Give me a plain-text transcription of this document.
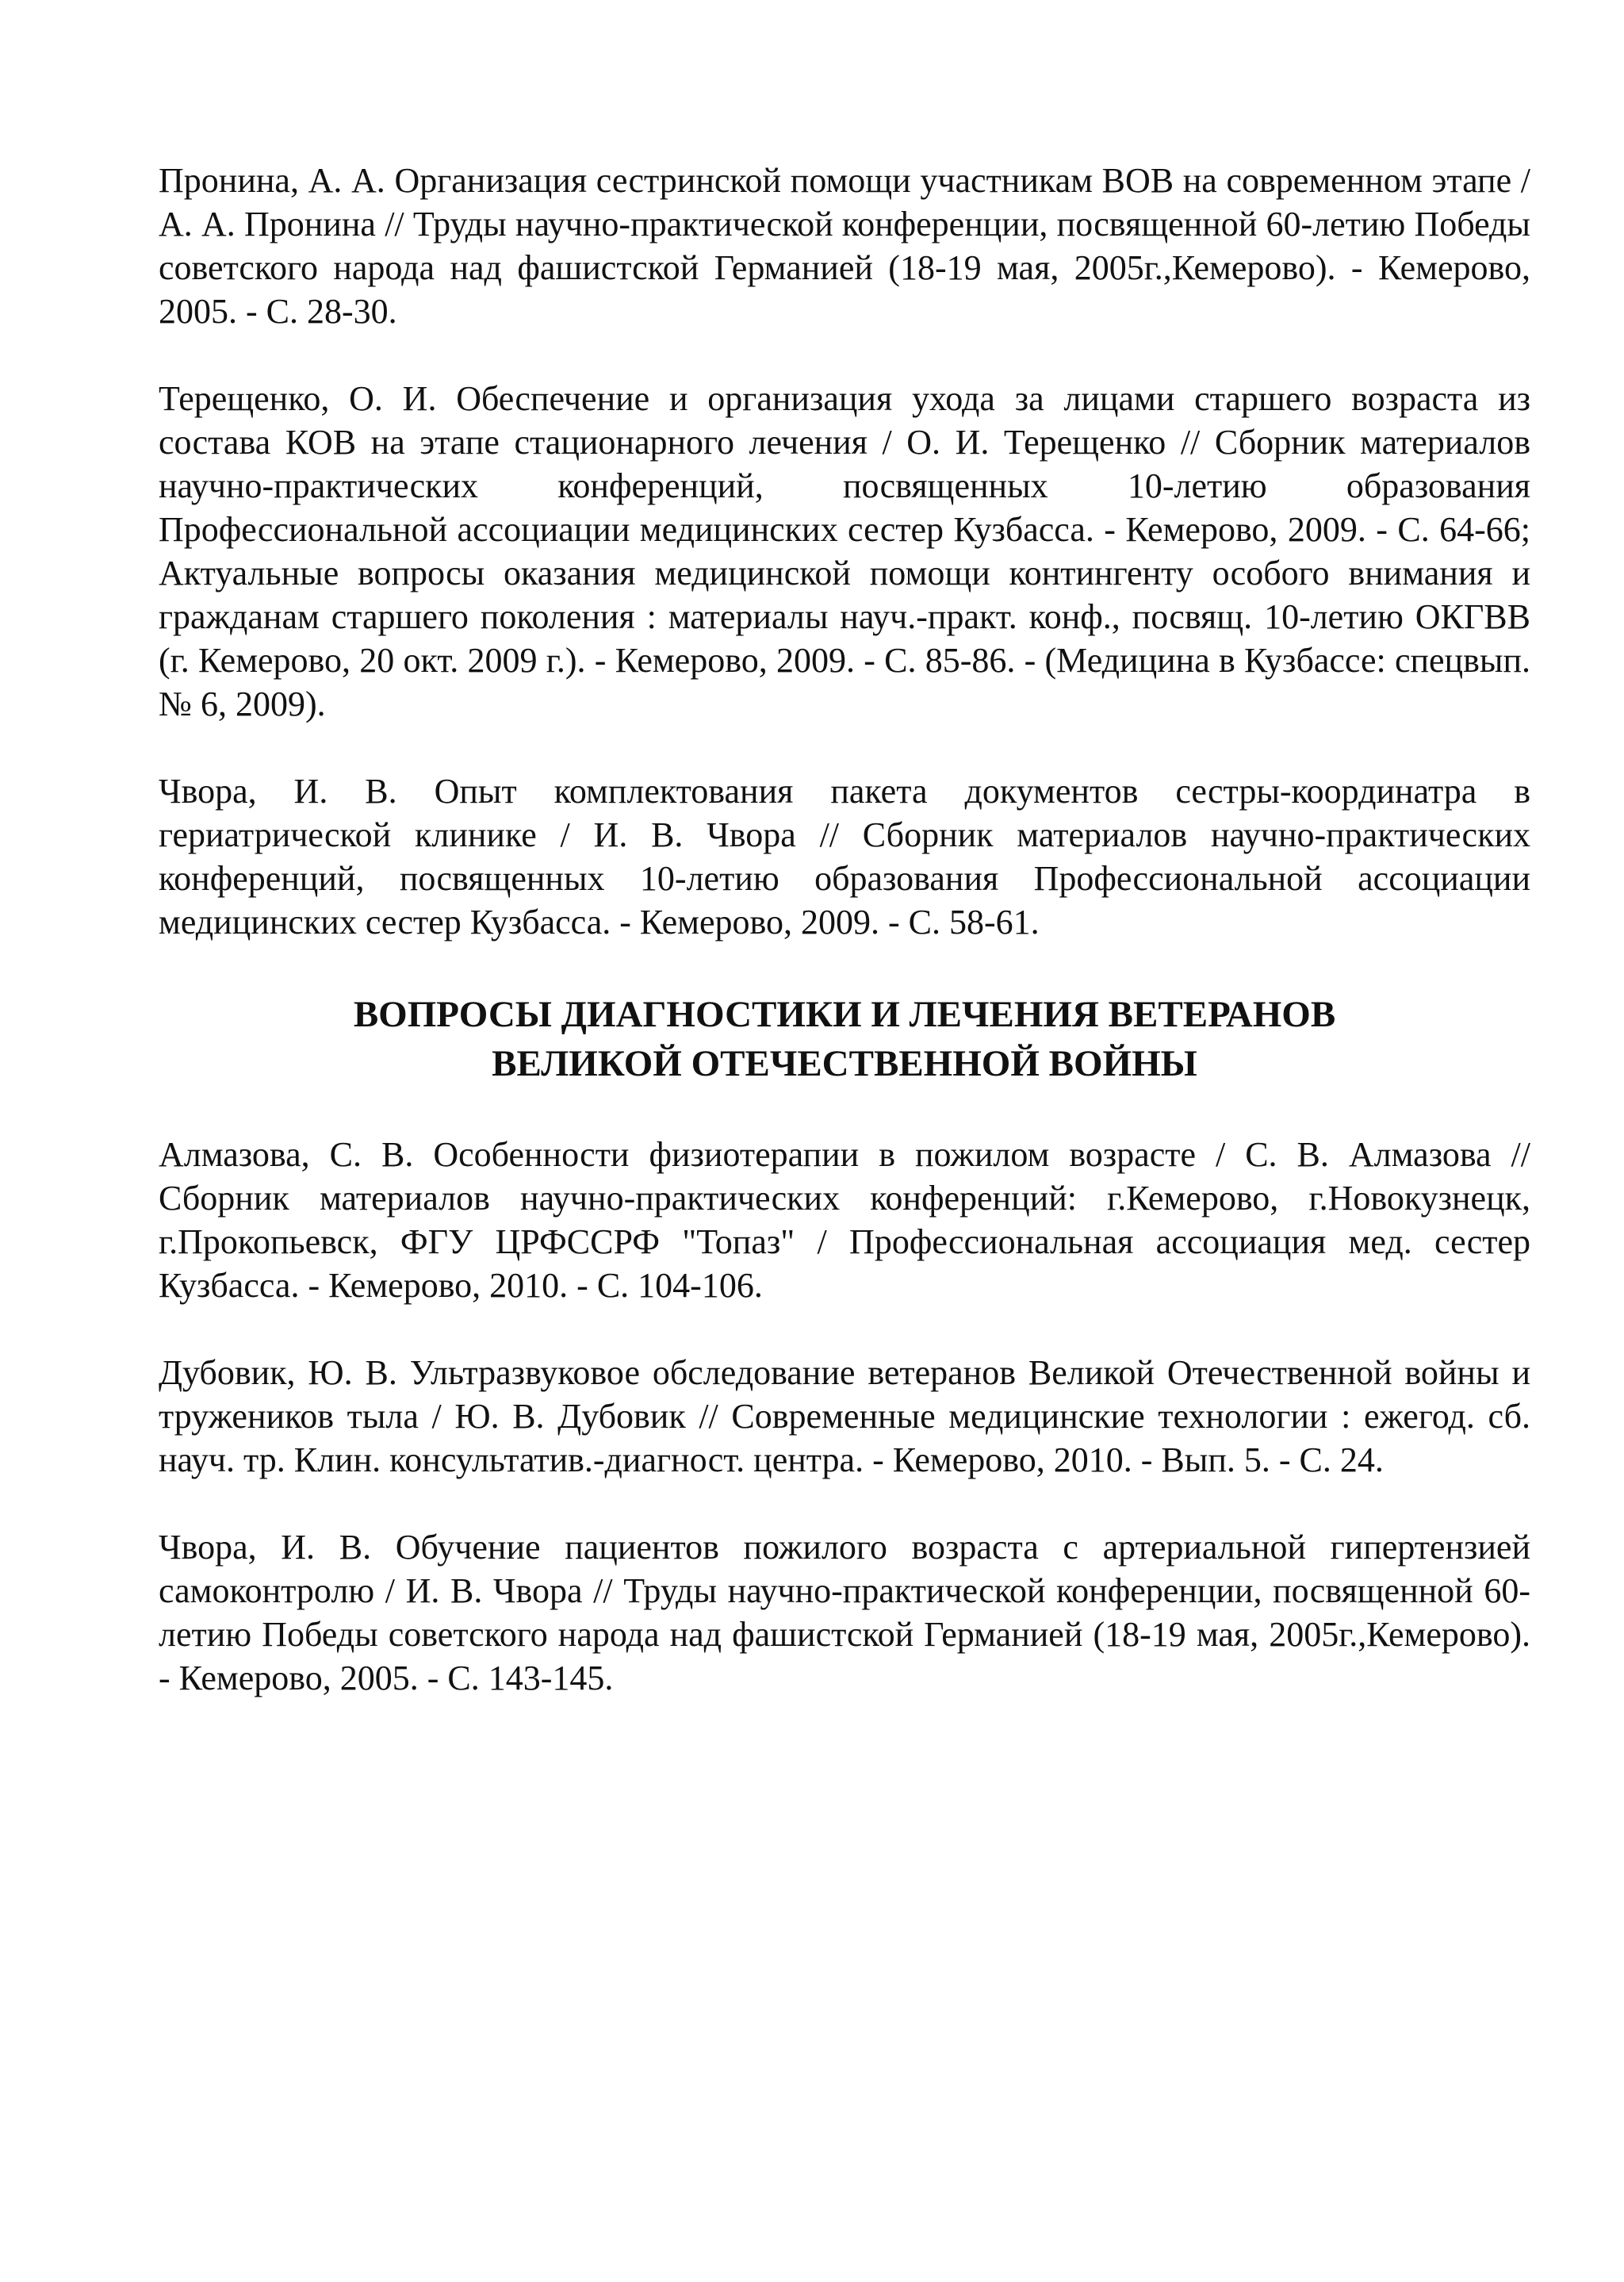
Пронина, А. А. Организация сестринской помощи участникам ВОВ на современном этапе / А. А. Пронина // Труды научно-практической конференции, посвященной 60-летию Победы советского народа над фашистской Германией (18-19 мая, 2005г.,Кемерово). - Кемерово, 2005. - С. 28-30.

Терещенко, О. И. Обеспечение и организация ухода за лицами старшего возраста из состава КОВ на этапе стационарного лечения / О. И. Терещенко // Сборник материалов научно-практических конференций, посвященных 10-летию образования Профессиональной ассоциации медицинских сестер Кузбасса. - Кемерово, 2009. - С. 64-66; Актуальные вопросы оказания медицинской помощи контингенту особого внимания и гражданам старшего поколения : материалы науч.-практ. конф., посвящ. 10-летию ОКГВВ (г. Кемерово, 20 окт. 2009 г.). - Кемерово, 2009. - С. 85-86. - (Медицина в Кузбассе: спецвып. № 6, 2009).

Чвора, И. В. Опыт комплектования пакета документов сестры-координатра в гериатрической клинике / И. В. Чвора // Сборник материалов научно-практических конференций, посвященных 10-летию образования Профессиональной ассоциации медицинских сестер Кузбасса. - Кемерово, 2009. - С. 58-61.

ВОПРОСЫ ДИАГНОСТИКИ И ЛЕЧЕНИЯ ВЕТЕРАНОВ
ВЕЛИКОЙ ОТЕЧЕСТВЕННОЙ ВОЙНЫ

Алмазова, С. В. Особенности физиотерапии в пожилом возрасте / С. В. Алмазова // Сборник материалов научно-практических конференций: г.Кемерово, г.Новокузнецк, г.Прокопьевск, ФГУ ЦРФССРФ "Топаз" / Профессиональная ассоциация мед. сестер Кузбасса. - Кемерово, 2010. - С. 104-106.

Дубовик, Ю. В. Ультразвуковое обследование ветеранов Великой Отечественной войны и тружеников тыла / Ю. В. Дубовик // Современные медицинские технологии : ежегод. сб. науч. тр. Клин. консультатив.-диагност. центра. - Кемерово, 2010. - Вып. 5. - С. 24.

Чвора, И. В. Обучение пациентов пожилого возраста с артериальной гипертензией самоконтролю / И. В. Чвора // Труды научно-практической конференции, посвященной 60-летию Победы советского народа над фашистской Германией (18-19 мая, 2005г.,Кемерово). - Кемерово, 2005. - С. 143-145.
